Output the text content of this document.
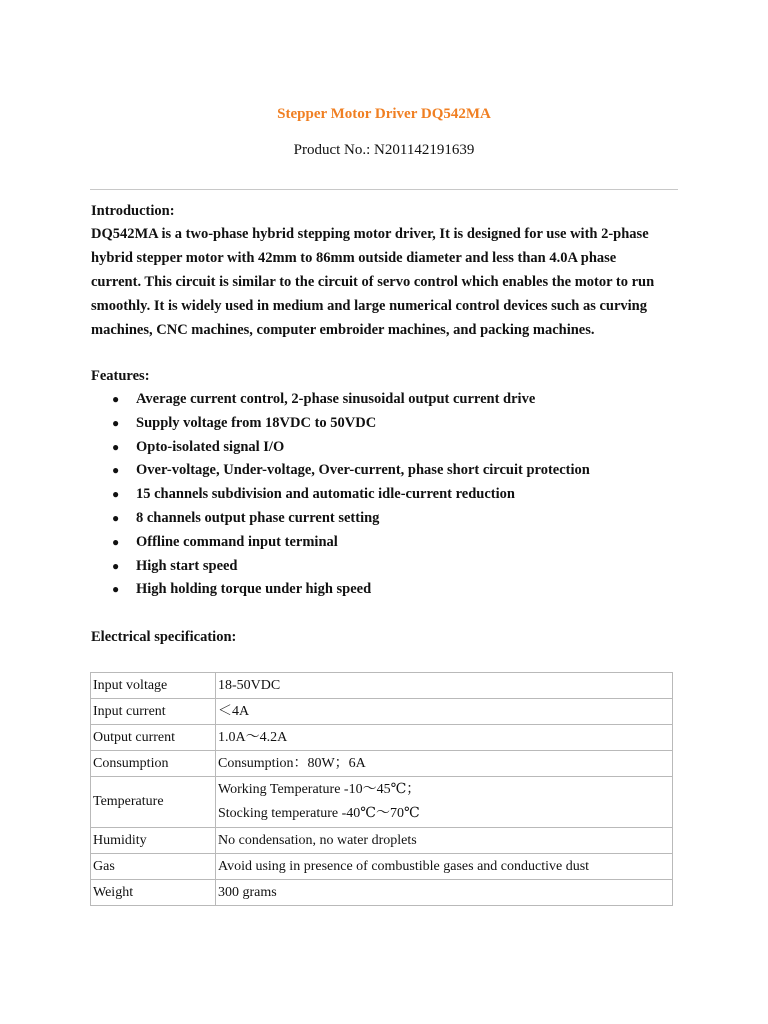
Stepper Motor Driver DQ542MA
Product No.: N201142191639
Introduction:
DQ542MA is a two-phase hybrid stepping motor driver, It is designed for use with 2-phase
hybrid stepper motor with 42mm to 86mm outside diameter and less than 4.0A phase
current. This circuit is similar to the circuit of servo control which enables the motor to run
smoothly. It is widely used in medium and large numerical control devices such as curving
machines, CNC machines, computer embroider machines, and packing machines.
Features:
● Average current control, 2-phase sinusoidal output current drive
● Supply voltage from 18VDC to 50VDC
● Opto-isolated signal I/O
● Over-voltage, Under-voltage, Over-current, phase short circuit protection
● 15 channels subdivision and automatic idle-current reduction
● 8 channels output phase current setting
● Offline command input terminal
● High start speed
● High holding torque under high speed
Electrical specification:
Input voltage	18-50VDC
Input current	＜4A
Output current	1.0A～4.2A
Consumption	Consumption：80W；6A
Temperature	Working Temperature -10～45℃；
Stocking temperature -40℃～70℃

Humidity	No condensation, no water droplets
Gas	Avoid using in presence of combustible gases and conductive dust
Weight	300 grams
